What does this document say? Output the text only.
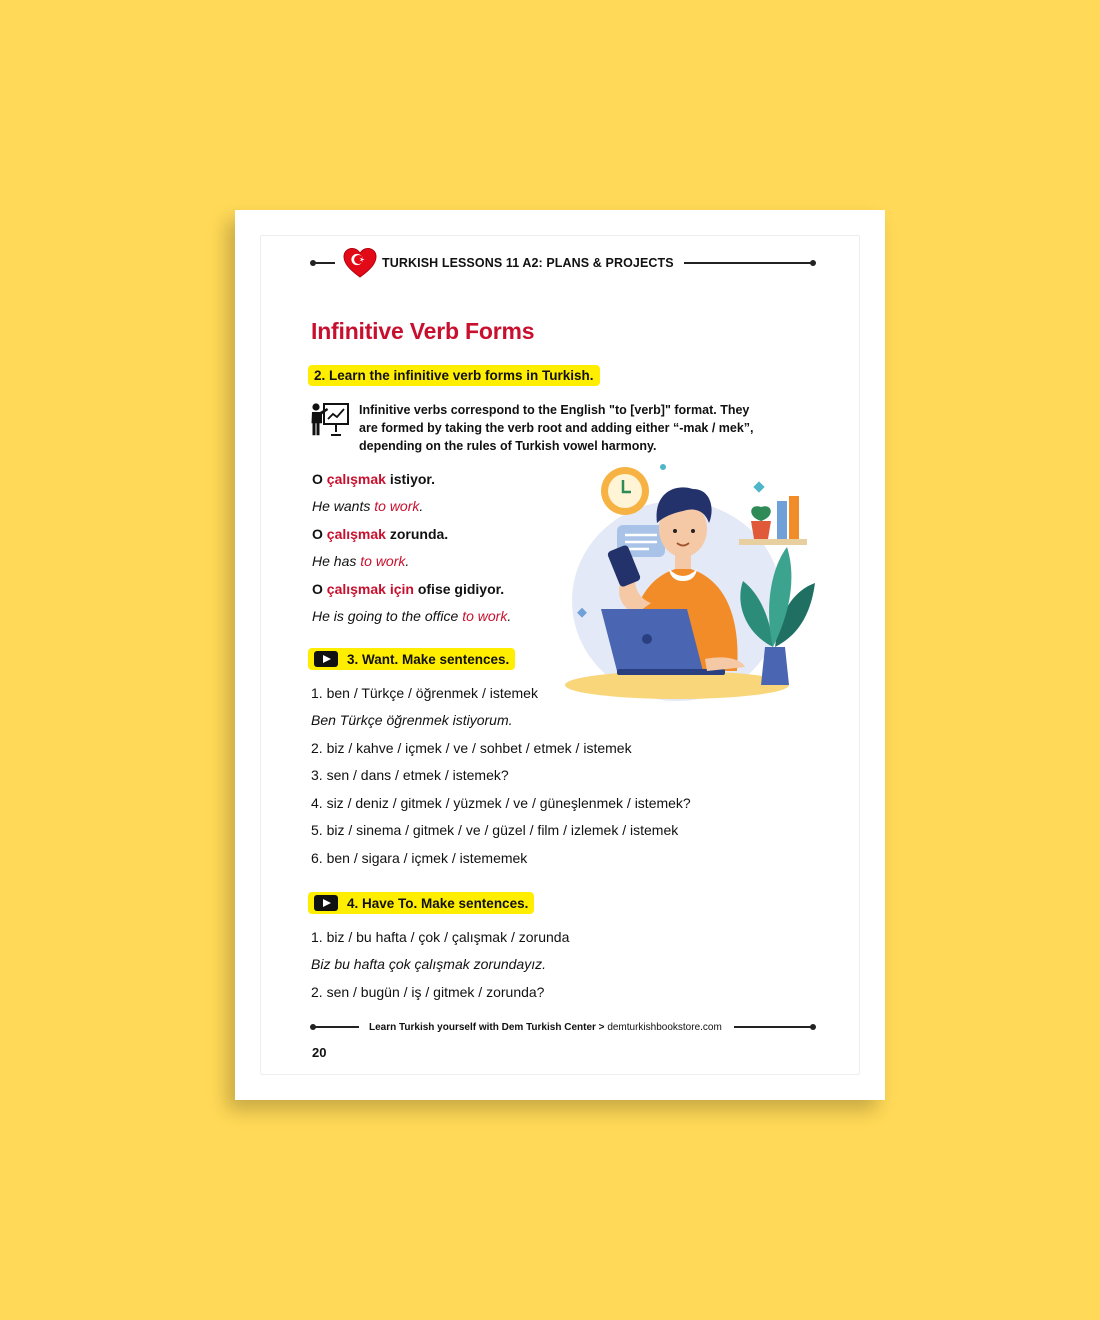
TURKISH LESSONS 11 A2: PLANS & PROJECTS
Infinitive Verb Forms
2. Learn the infinitive verb forms in Turkish.
Infinitive verbs correspond to the English "to [verb]" format. They
are formed by taking the verb root and adding either “-mak / mek”,
depending on the rules of Turkish vowel harmony.
O çalışmak istiyor.
He wants to work.
O çalışmak zorunda.
He has to work.
O çalışmak için ofise gidiyor.
He is going to the office to work.
3. Want. Make sentences.
1. ben / Türkçe / öğrenmek / istemek
Ben Türkçe öğrenmek istiyorum.
2. biz / kahve / içmek / ve / sohbet / etmek / istemek
3. sen / dans / etmek / istemek?
4. siz / deniz / gitmek / yüzmek / ve / güneşlenmek / istemek?
5. biz / sinema / gitmek / ve / güzel / film / izlemek / istemek
6. ben / sigara / içmek / istememek
4. Have To. Make sentences.
1. biz / bu hafta / çok / çalışmak / zorunda
Biz bu hafta çok çalışmak zorundayız.
2. sen / bugün / iş / gitmek / zorunda?
Learn Turkish yourself with Dem Turkish Center > demturkishbookstore.com
20
